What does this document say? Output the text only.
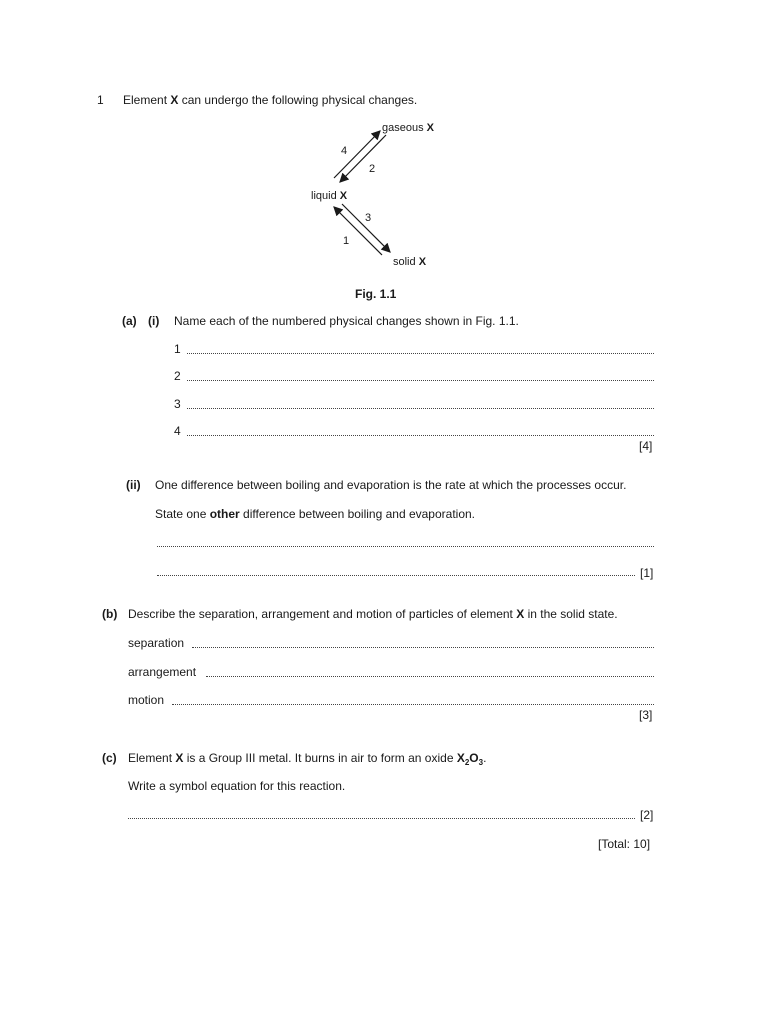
1 Element X can undergo the following physical changes.
gaseous X
liquid X
solid X
4
2
3
1
Fig. 1.1
(a) (i) Name each of the numbered physical changes shown in Fig. 1.1.
1
2
3
4
[4]
(ii) One difference between boiling and evaporation is the rate at which the processes occur.
State one other difference between boiling and evaporation.
[1]
(b) Describe the separation, arrangement and motion of particles of element X in the solid state.
separation
arrangement
motion
[3]
(c) Element X is a Group III metal. It burns in air to form an oxide $X_2O_3$.
Write a symbol equation for this reaction.
[2]
[Total: 10]
